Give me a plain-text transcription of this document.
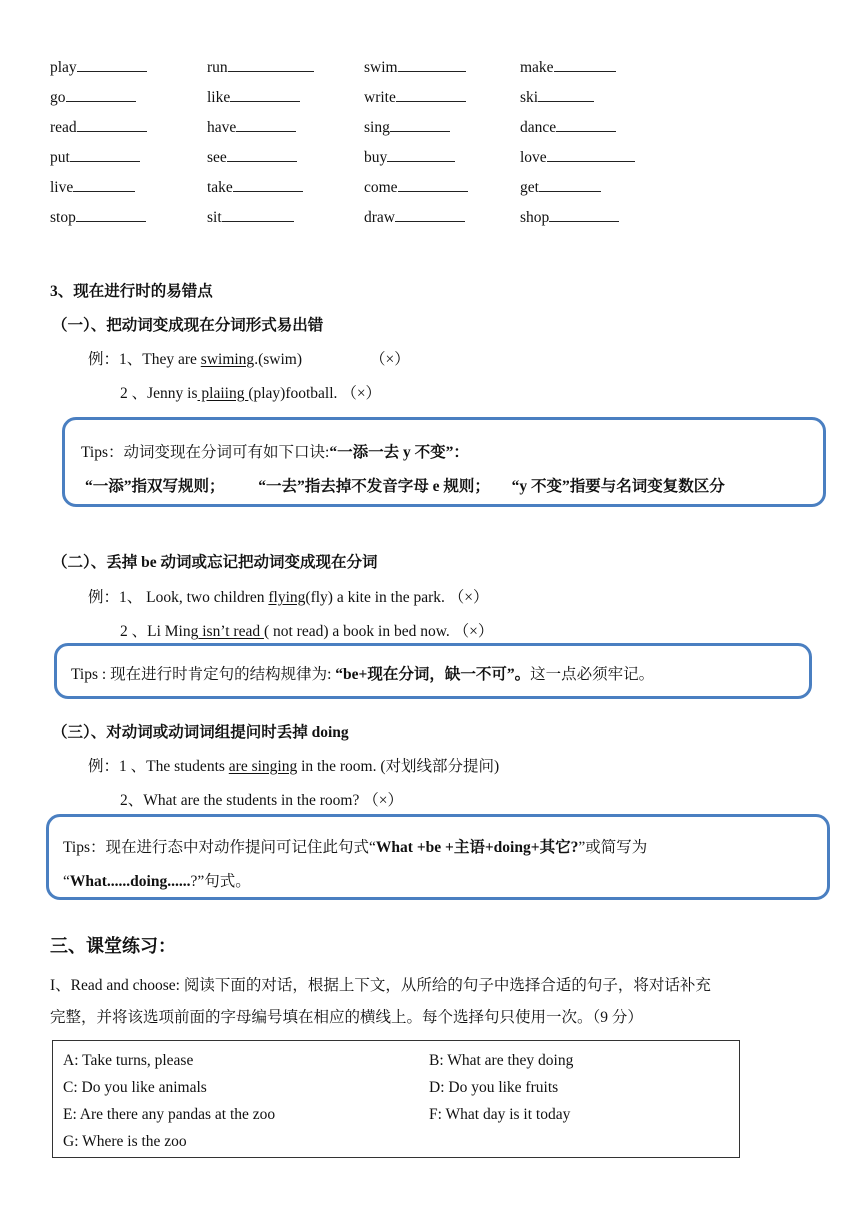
play	run	swim	make
go	like	write	ski
read	have	sing	dance
put	see	buy	love
live	take	come	get
stop	sit	draw	shop
3、现在进行时的易错点
（一）、把动词变成现在分词形式易出错
例：1、They are swiming.(swim)	（×）
2 、Jenny is plaiing (play)football. （×）
Tips：动词变现在分词可有如下口诀:“一添一去 y 不变”：
“一添”指双写规则； “一去”指去掉不发音字母 e 规则； “y 不变”指要与名词变复数区分
（二）、丢掉 be 动词或忘记把动词变成现在分词
例：1、 Look, two children flying(fly) a kite in the park. （×）
2 、Li Ming isn’t read ( not read) a book in bed now. （×）
Tips : 现在进行时肯定句的结构规律为: “be+现在分词，缺一不可”。这一点必须牢记。
（三）、对动词或动词词组提问时丢掉 doing
例：1 、The students are singing in the room. (对划线部分提问)
2、What are the students in the room? （×）
Tips：现在进行态中对动作提问可记住此句式“What +be +主语+doing+其它?”或简写为
“What......doing......?”句式。
三、课堂练习：
I、Read and choose: 阅读下面的对话，根据上下文，从所给的句子中选择合适的句子，将对话补充
完整，并将该选项前面的字母编号填在相应的横线上。每个选择句只使用一次。（9 分）
A: Take turns, please	B: What are they doing
C: Do you like animals	D: Do you like fruits
E: Are there any pandas at the zoo	F: What day is it today
G: Where is the zoo
